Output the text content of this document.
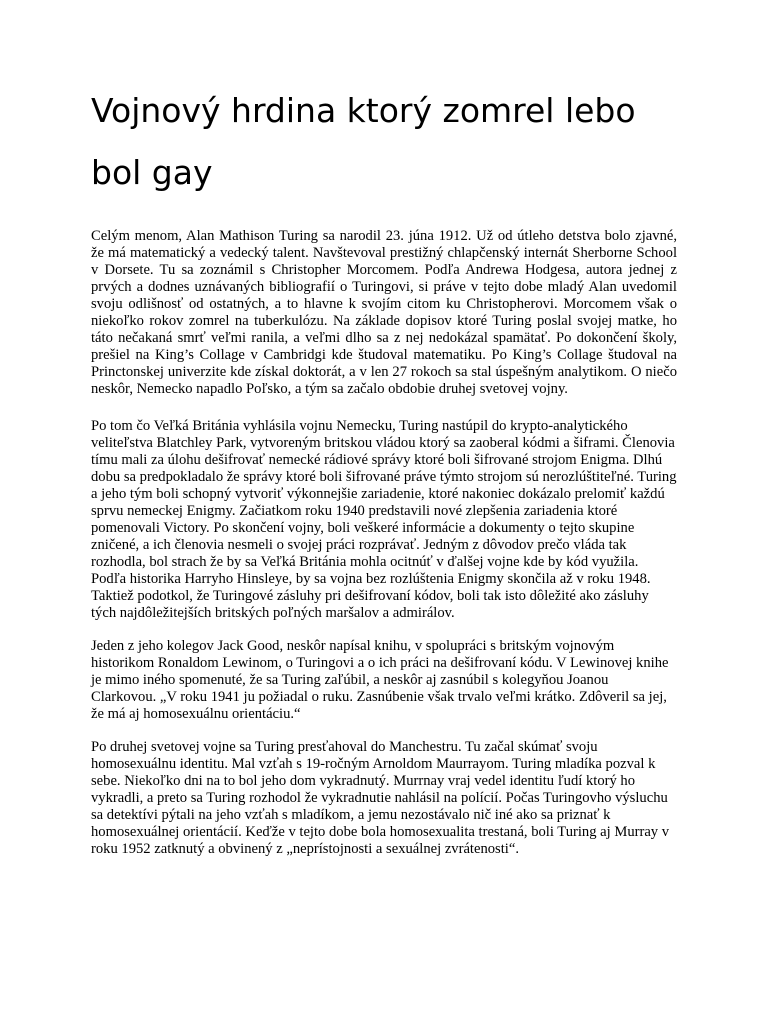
Vojnový hrdina ktorý zomrel lebo bol gay

Celým menom, Alan Mathison Turing sa narodil 23. júna 1912. Už od útleho detstva bolo zjavné, že má matematický a vedecký talent. Navštevoval prestižný chlapčenský internát Sherborne School v Dorsete. Tu sa zoznámil s Christopher Morcomem. Podľa Andrewa Hodgesa, autora jednej z prvých a dodnes uznávaných bibliografií o Turingovi, si práve v tejto dobe mladý Alan uvedomil svoju odlišnosť od ostatných, a to hlavne k svojím citom ku Christopherovi. Morcomem však o niekoľko rokov zomrel na tuberkulózu. Na základe dopisov ktoré Turing poslal svojej matke, ho táto nečakaná smrť veľmi ranila, a veľmi dlho sa z nej nedokázal spamätať. Po dokončení školy, prešiel na King’s Collage v Cambridgi kde študoval matematiku. Po King’s Collage študoval na Princtonskej univerzite kde získal doktorát, a v len 27 rokoch sa stal úspešným analytikom. O niečo neskôr, Nemecko napadlo Poľsko, a tým sa začalo obdobie druhej svetovej vojny.

Po tom čo Veľká Británia vyhlásila vojnu Nemecku, Turing nastúpil do krypto-analytického veliteľstva Blatchley Park, vytvoreným britskou vládou ktorý sa zaoberal kódmi a šiframi. Členovia tímu mali za úlohu dešifrovať nemecké rádiové správy ktoré boli šifrované strojom Enigma. Dlhú dobu sa predpokladalo že správy ktoré boli šifrované práve týmto strojom sú nerozlúštiteľné. Turing a jeho tým boli schopný vytvoriť výkonnejšie zariadenie, ktoré nakoniec dokázalo prelomiť každú sprvu nemeckej Enigmy. Začiatkom roku 1940 predstavili nové zlepšenia zariadenia ktoré pomenovali Victory. Po skončení vojny, boli veškeré informácie a dokumenty o tejto skupine zničené, a ich členovia nesmeli o svojej práci rozprávať. Jedným z dôvodov prečo vláda tak rozhodla, bol strach že by sa Veľká Británia mohla ocitnúť v ďalšej vojne kde by kód využila. Podľa historika Harryho Hinsleye, by sa vojna bez rozlúštenia Enigmy skončila až v roku 1948. Taktiež podotkol, že Turingové zásluhy pri dešifrovaní kódov, boli tak isto dôležité ako zásluhy tých najdôležitejších britských poľných maršalov a admirálov.

Jeden z jeho kolegov Jack Good, neskôr napísal knihu, v spolupráci s britským vojnovým historikom Ronaldom Lewinom, o Turingovi a o ich práci na dešifrovaní kódu. V Lewinovej knihe je mimo iného spomenuté, že sa Turing zaľúbil, a neskôr aj zasnúbil s kolegyňou Joanou Clarkovou. „V roku 1941 ju požiadal o ruku. Zasnúbenie však trvalo veľmi krátko. Zdôveril sa jej, že má aj homosexuálnu orientáciu.“

Po druhej svetovej vojne sa Turing presťahoval do Manchestru. Tu začal skúmať svoju homosexuálnu identitu. Mal vzťah s 19-ročným Arnoldom Maurrayom. Turing mladíka pozval k sebe. Niekoľko dni na to bol jeho dom vykradnutý. Murrnay vraj vedel identitu ľudí ktorý ho vykradli, a preto sa Turing rozhodol že vykradnutie nahlásil na polícií. Počas Turingovho výsluchu sa detektívi pýtali na jeho vzťah s mladíkom, a jemu nezostávalo nič iné ako sa priznať k homosexuálnej orientácií. Keďže v tejto dobe bola homosexualita trestaná, boli Turing aj Murray v roku 1952 zatknutý a obvinený z „neprístojnosti a sexuálnej zvrátenosti“.
